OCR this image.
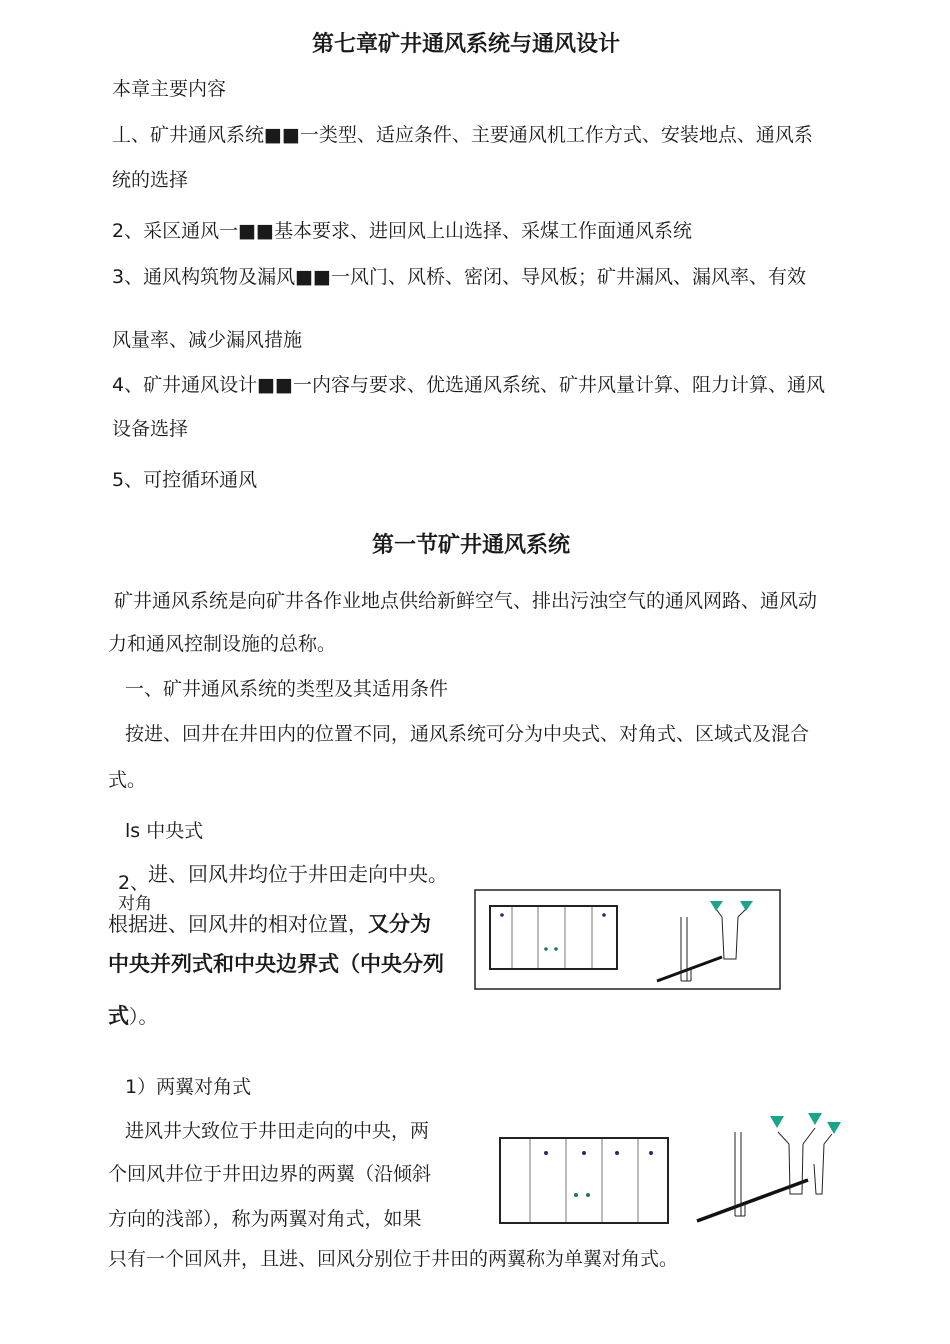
第七章矿井通风系统与通风设计
本章主要内容
丄、矿井通风系统■■一类型、适应条件、主要通风机工作方式、安装地点、通风系
统的选择
2、采区通风一■■基本要求、进回风上山选择、采煤工作面通风系统
3、通风构筑物及漏风■■一风门、风桥、密闭、导风板；矿井漏风、漏风率、有效
风量率、减少漏风措施
4、矿井通风设计■■一内容与要求、优选通风系统、矿井风量计算、阻力计算、通风
设备选择
5、可控循环通风
第一节矿井通风系统
矿井通风系统是向矿井各作业地点供给新鲜空气、排出污浊空气的通风网路、通风动
力和通风控制设施的总称。
一、矿井通风系统的类型及其适用条件
按进、回井在井田内的位置不同，通风系统可分为中央式、对角式、区域式及混合
式。
ls 中央式
2、
进、回风井均位于井田走向中央。
对角
根据进、回风井的相对位置，又分为
中央并列式和中央边界式（中央分列
式）。
1）两翼对角式
进风井大致位于井田走向的中央，两
个回风井位于井田边界的两翼（沿倾斜
方向的浅部），称为两翼对角式，如果
只有一个回风井，且进、回风分别位于井田的两翼称为单翼对角式。
